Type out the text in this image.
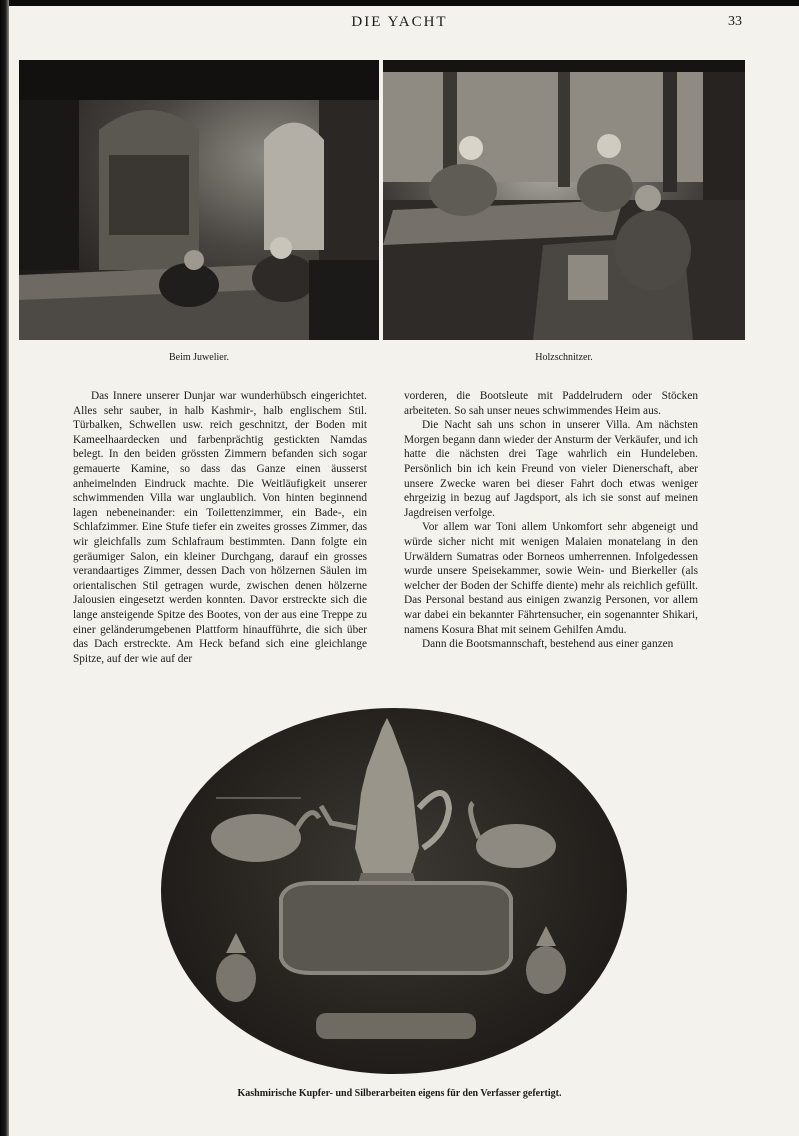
DIE YACHT	33
Beim Juwelier.	Holzschnitzer.

Das Innere unserer Dunjar war wunderhübsch eingerichtet. Alles sehr sauber, in halb Kashmir-, halb englischem Stil. Türbalken, Schwellen usw. reich geschnitzt, der Boden mit Kameelhaardecken und farbenprächtig gestickten Namdas belegt. In den beiden grössten Zimmern befanden sich sogar gemauerte Kamine, so dass das Ganze einen äusserst anheimelnden Eindruck machte. Die Weitläufigkeit unserer schwimmenden Villa war unglaublich. Von hinten beginnend lagen nebeneinander: ein Toilettenzimmer, ein Bade-, ein Schlafzimmer. Eine Stufe tiefer ein zweites grosses Zimmer, das wir gleichfalls zum Schlafraum bestimmten. Dann folgte ein geräumiger Salon, ein kleiner Durchgang, darauf ein grosses verandaartiges Zimmer, dessen Dach von hölzernen Säulen im orientalischen Stil getragen wurde, zwischen denen hölzerne Jalousien eingesetzt werden konnten. Davor erstreckte sich die lange ansteigende Spitze des Bootes, von der aus eine Treppe zu einer geländerumgebenen Plattform hinaufführte, die sich über das Dach erstreckte. Am Heck befand sich eine gleichlange Spitze, auf der wie auf der

vorderen, die Bootsleute mit Paddelrudern oder Stöcken arbeiteten. So sah unser neues schwimmendes Heim aus.

Die Nacht sah uns schon in unserer Villa. Am nächsten Morgen begann dann wieder der Ansturm der Verkäufer, und ich hatte die nächsten drei Tage wahrlich ein Hundeleben. Persönlich bin ich kein Freund von vieler Dienerschaft, aber unsere Zwecke waren bei dieser Fahrt doch etwas weniger ehrgeizig in bezug auf Jagdsport, als ich sie sonst auf meinen Jagdreisen verfolge.

Vor allem war Toni allem Unkomfort sehr abgeneigt und würde sicher nicht mit wenigen Malaien monatelang in den Urwäldern Sumatras oder Borneos umherrennen. Infolgedessen wurde unsere Speisekammer, sowie Wein- und Bierkeller (als welcher der Boden der Schiffe diente) mehr als reichlich gefüllt. Das Personal bestand aus einigen zwanzig Personen, vor allem war dabei ein bekannter Fährtensucher, ein sogenannter Shikari, namens Kosura Bhat mit seinem Gehilfen Amdu.

Dann die Bootsmannschaft, bestehend aus einer ganzen

Kashmirische Kupfer- und Silberarbeiten eigens für den Verfasser gefertigt.
